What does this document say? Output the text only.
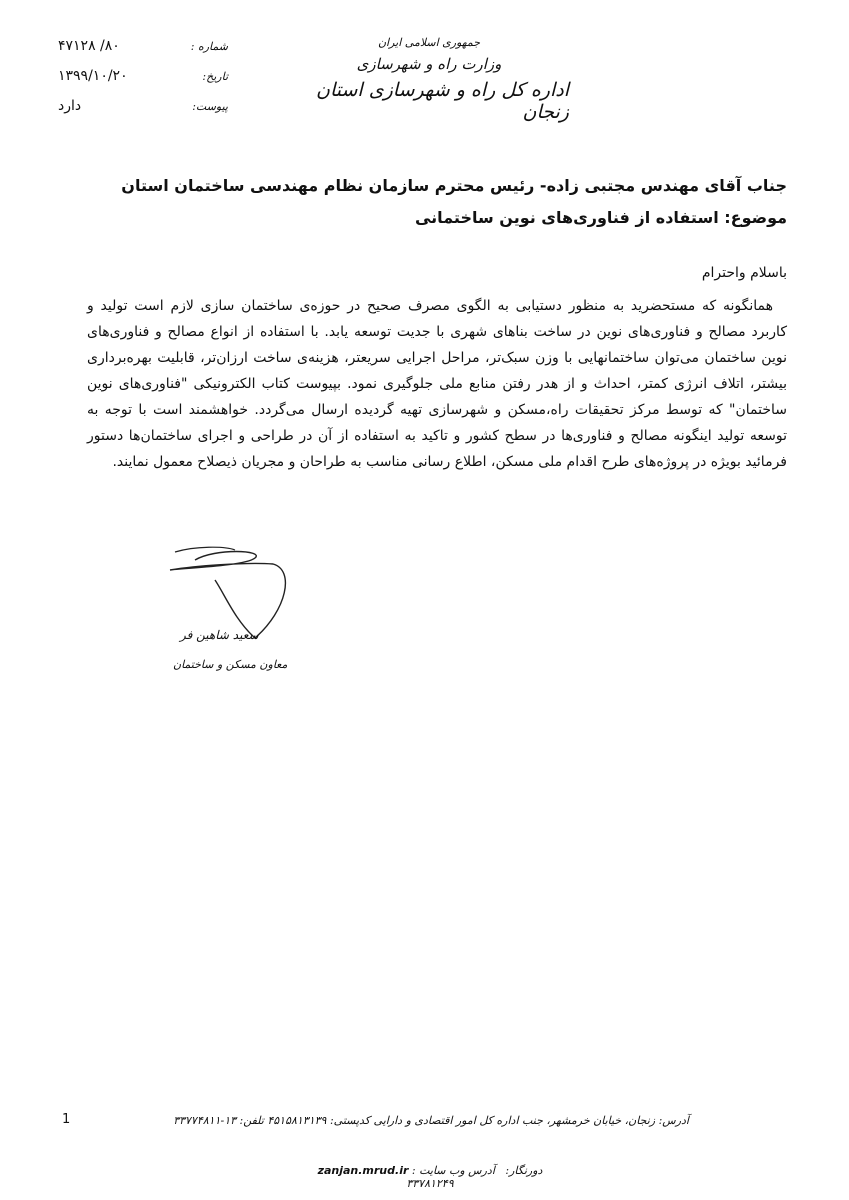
جمهوری اسلامی ایران
وزارت راه و شهرسازی
اداره کل راه و شهرسازی استان زنجان
شماره :
۸۰/ ۴۷۱۲۸
تاریخ:
۱۳۹۹/۱۰/۲۰
پیوست:
دارد
جناب آقای مهندس مجتبی زاده- رئیس محترم سازمان نظام مهندسی ساختمان استان
موضوع: استفاده از فناوری‌های نوین ساختمانی
باسلام واحترام
همانگونه که مستحضرید به منظور دستیابی به الگوی مصرف صحیح در حوزه‌ی ساختمان سازی لازم است تولید و کاربرد مصالح و فناوری‌های نوین در ساخت بناهای شهری با جدیت توسعه یابد. با استفاده از انواع مصالح و فناوری‌های نوین ساختمان می‌توان ساختمانهایی با وزن سبک‌تر، مراحل اجرایی سریعتر، هزینه‌ی ساخت ارزان‌تر، قابلیت بهره‌برداری بیشتر، اتلاف انرژی کمتر، احداث و از هدر رفتن منابع ملی جلوگیری نمود. بپیوست کتاب الکترونیکی "فناوری‌های نوین ساختمان" که توسط مرکز تحقیقات راه،مسکن و شهرسازی تهیه گردیده ارسال می‌گردد. خواهشمند است با توجه به توسعه تولید اینگونه مصالح و فناوری‌ها در سطح کشور و تاکید به استفاده از آن در طراحی و اجرای ساختمان‌ها دستور فرمائید بویژه در پروژه‌های طرح اقدام ملی مسکن، اطلاع رسانی مناسب به طراحان و مجریان ذیصلاح معمول نمایند.
سعید شاهین فر
معاون مسکن و ساختمان
1	آدرس: زنجان، خیابان خرمشهر، جنب اداره کل امور اقتصادی و دارایی کدپستی: ۴۵۱۵۸۱۳۱۳۹ تلفن: ۱۳-۳۳۷۷۴۸۱۱
zanjan.mrud.ir : آدرس وب سایت دورنگار: ۳۳۷۸۱۲۴۹
